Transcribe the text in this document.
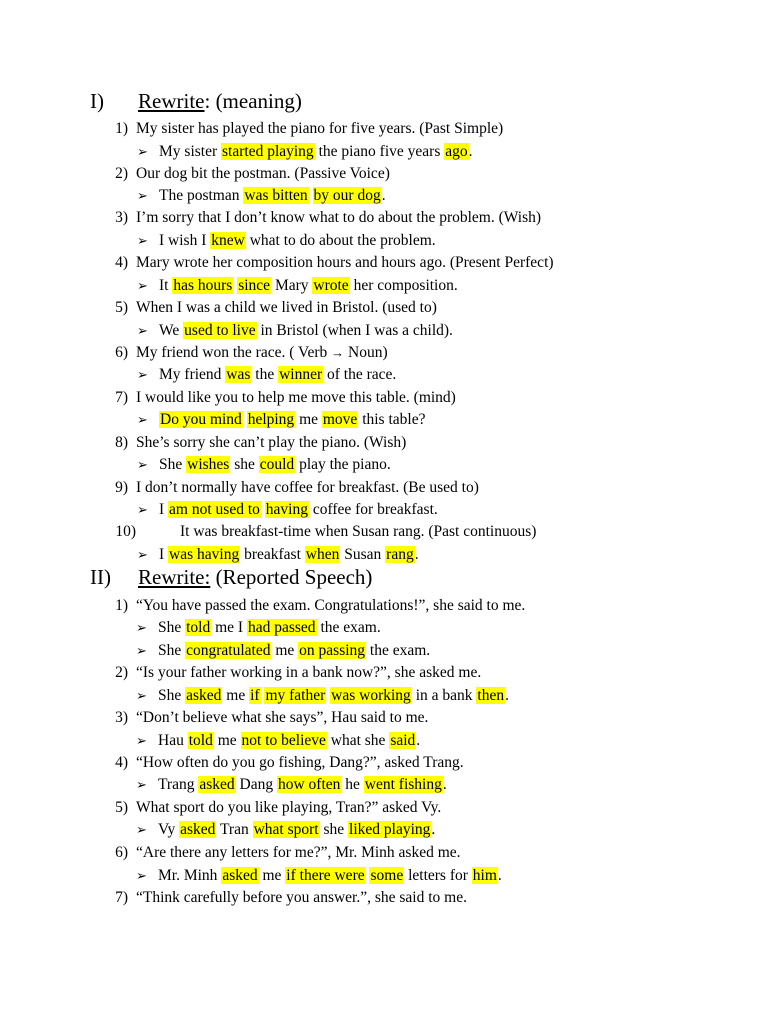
I) Rewrite: (meaning)
1) My sister has played the piano for five years. (Past Simple)
➢ My sister started playing the piano five years ago.
2) Our dog bit the postman. (Passive Voice)
➢ The postman was bitten by our dog.
3) I’m sorry that I don’t know what to do about the problem. (Wish)
➢ I wish I knew what to do about the problem.
4) Mary wrote her composition hours and hours ago. (Present Perfect)
➢ It has hours since Mary wrote her composition.
5) When I was a child we lived in Bristol. (used to)
➢ We used to live in Bristol (when I was a child).
6) My friend won the race. ( Verb → Noun)
➢ My friend was the winner of the race.
7) I would like you to help me move this table. (mind)
➢ Do you mind helping me move this table?
8) She’s sorry she can’t play the piano. (Wish)
➢ She wishes she could play the piano.
9) I don’t normally have coffee for breakfast. (Be used to)
➢ I am not used to having coffee for breakfast.
10)	It was breakfast-time when Susan rang. (Past continuous)
➢ I was having breakfast when Susan rang.
II) Rewrite: (Reported Speech)
1) “You have passed the exam. Congratulations!”, she said to me.
➢ She told me I had passed the exam.
➢ She congratulated me on passing the exam.
2) “Is your father working in a bank now?”, she asked me.
➢ She asked me if my father was working in a bank then.
3) “Don’t believe what she says”, Hau said to me.
➢ Hau told me not to believe what she said.
4) “How often do you go fishing, Dang?”, asked Trang.
➢ Trang asked Dang how often he went fishing.
5) What sport do you like playing, Tran?” asked Vy.
➢ Vy asked Tran what sport she liked playing.
6) “Are there any letters for me?”, Mr. Minh asked me.
➢ Mr. Minh asked me if there were some letters for him.
7) “Think carefully before you answer.”, she said to me.
